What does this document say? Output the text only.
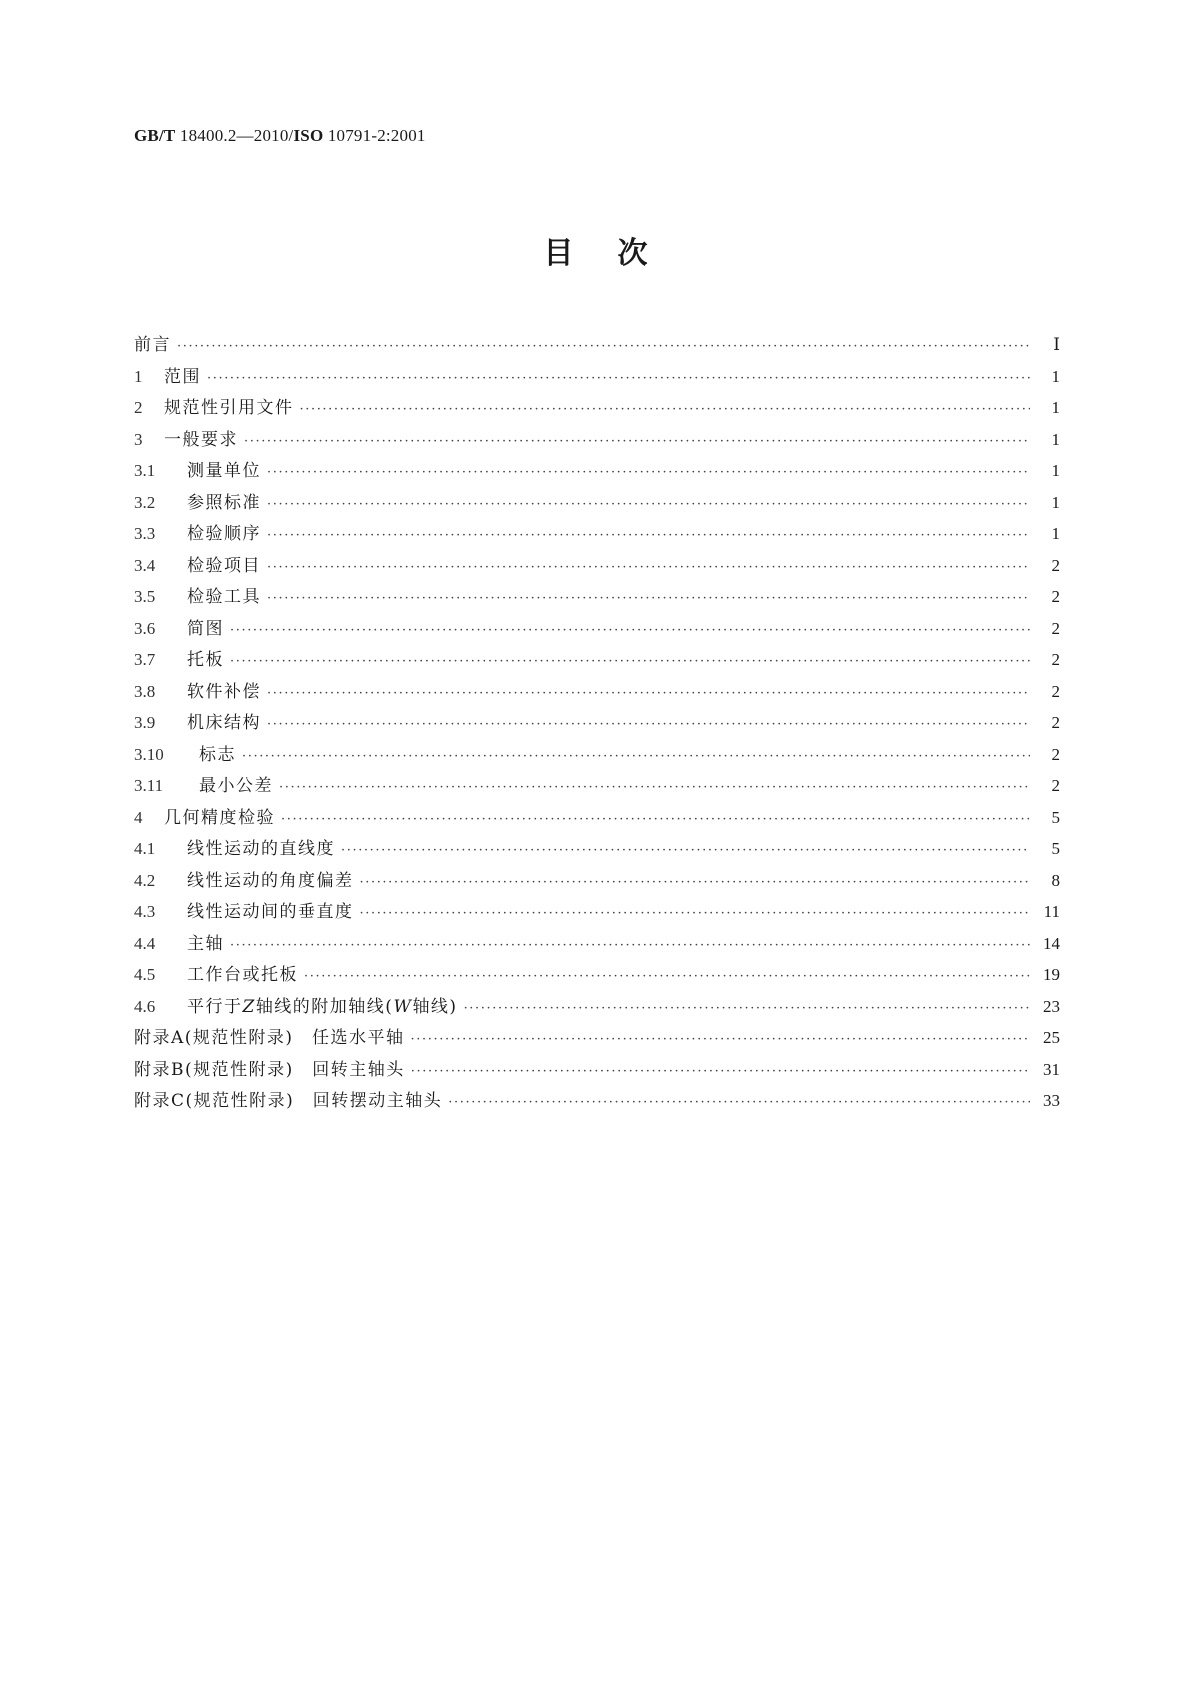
GB/T 18400.2—2010/ISO 10791-2:2001
目次
前言 ·····	Ⅰ
1	范围 ·····	1
2	规范性引用文件 ·····	1
3	一般要求 ·····	1
3.1	测量单位 ·····	1
3.2	参照标准 ·····	1
3.3	检验顺序 ·····	1
3.4	检验项目 ·····	2
3.5	检验工具 ·····	2
3.6	简图 ·····	2
3.7	托板 ·····	2
3.8	软件补偿 ·····	2
3.9	机床结构 ·····	2
3.10	标志 ·····	2
3.11	最小公差 ·····	2
4	几何精度检验 ·····	5
4.1	线性运动的直线度 ·····	5
4.2	线性运动的角度偏差 ·····	8
4.3	线性运动间的垂直度 ·····	11
4.4	主轴 ·····	14
4.5	工作台或托板 ·····	19
4.6	平行于Z轴线的附加轴线(W轴线) ·····	23
附录A(规范性附录)　任选水平轴 ·····	25
附录B(规范性附录)　回转主轴头 ·····	31
附录C(规范性附录)　回转摆动主轴头 ·····	33
